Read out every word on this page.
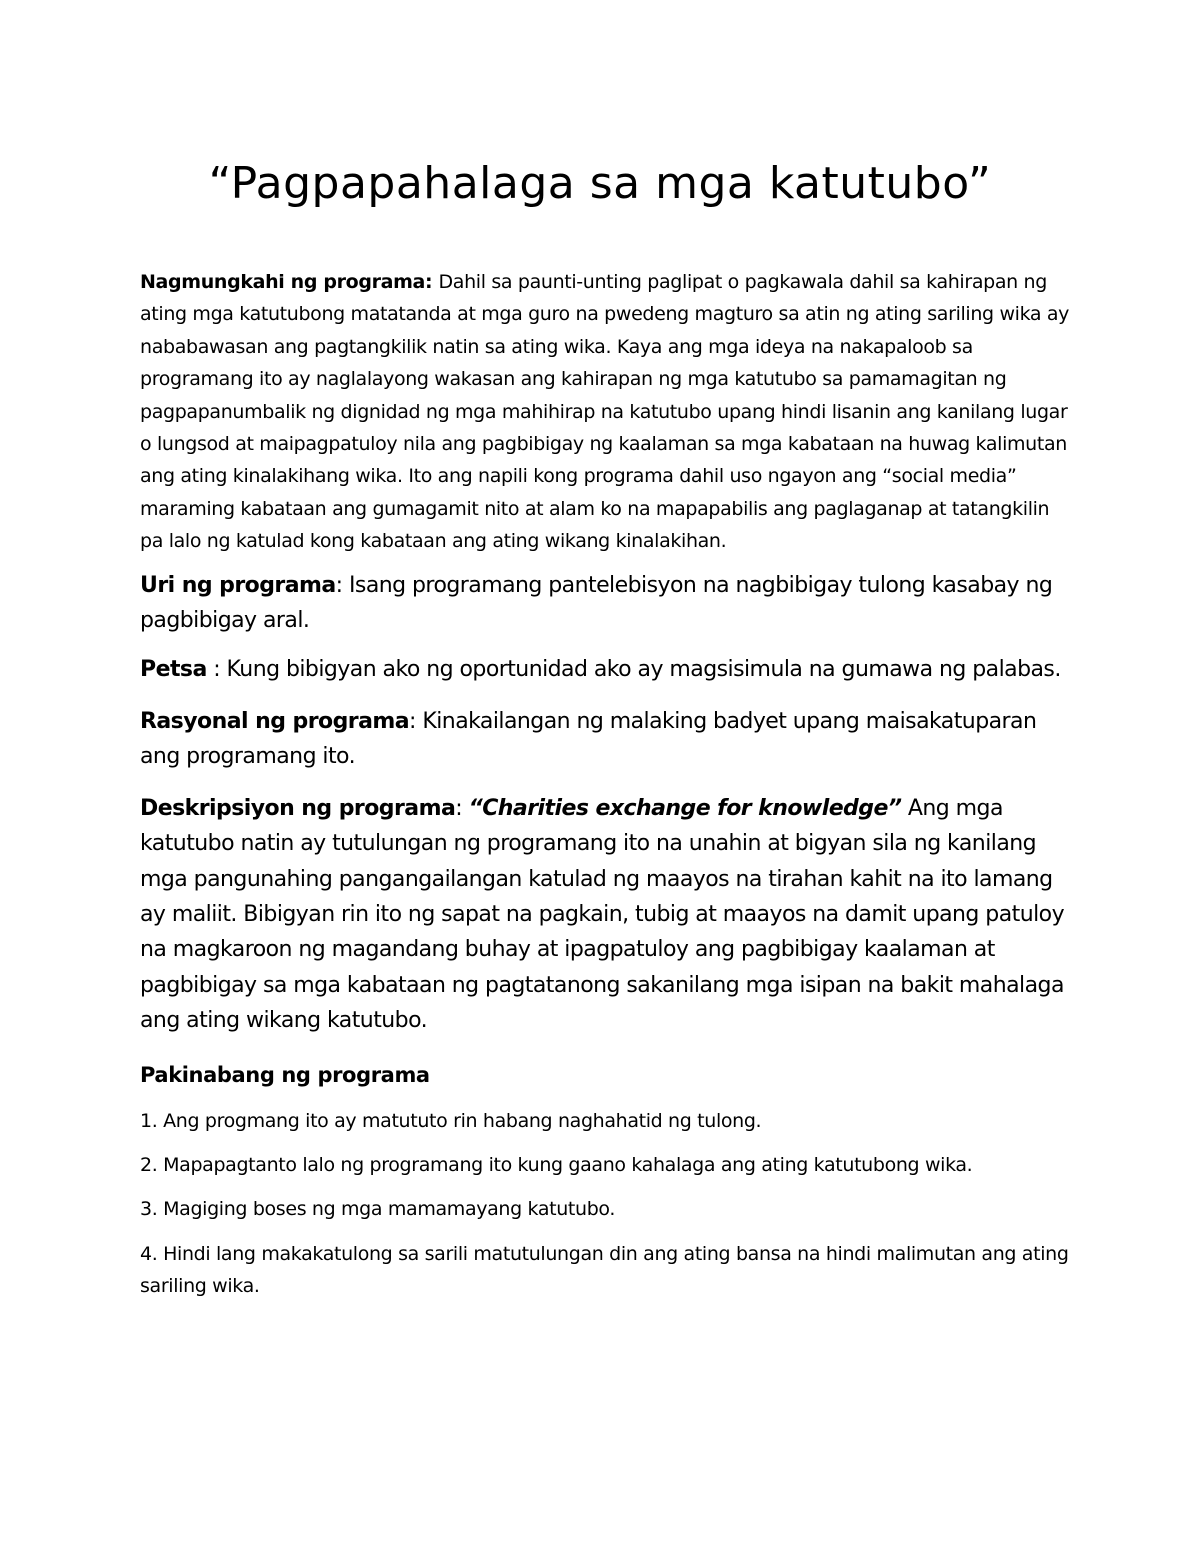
“Pagpapahalaga sa mga katutubo”

Nagmungkahi ng programa: Dahil sa paunti-unting paglipat o pagkawala dahil sa kahirapan ng ating mga katutubong matatanda at mga guro na pwedeng magturo sa atin ng ating sariling wika ay nababawasan ang pagtangkilik natin sa ating wika. Kaya ang mga ideya na nakapaloob sa programang ito ay naglalayong wakasan ang kahirapan ng mga katutubo sa pamamagitan ng pagpapanumbalik ng dignidad ng mga mahihirap na katutubo upang hindi lisanin ang kanilang lugar o lungsod at maipagpatuloy nila ang pagbibigay ng kaalaman sa mga kabataan na huwag kalimutan ang ating kinalakihang wika. Ito ang napili kong programa dahil uso ngayon ang “social media” maraming kabataan ang gumagamit nito at alam ko na mapapabilis ang paglaganap at tatangkilin pa lalo ng katulad kong kabataan ang ating wikang kinalakihan.

Uri ng programa: Isang programang pantelebisyon na nagbibigay tulong kasabay ng pagbibigay aral.

Petsa : Kung bibigyan ako ng oportunidad ako ay magsisimula na gumawa ng palabas.

Rasyonal ng programa: Kinakailangan ng malaking badyet upang maisakatuparan ang programang ito.

Deskripsiyon ng programa: “Charities exchange for knowledge” Ang mga katutubo natin ay tutulungan ng programang ito na unahin at bigyan sila ng kanilang mga pangunahing pangangailangan katulad ng maayos na tirahan kahit na ito lamang ay maliit. Bibigyan rin ito ng sapat na pagkain, tubig at maayos na damit upang patuloy na magkaroon ng magandang buhay at ipagpatuloy ang pagbibigay kaalaman at pagbibigay sa mga kabataan ng pagtatanong sakanilang mga isipan na bakit mahalaga ang ating wikang katutubo.

Pakinabang ng programa

1. Ang progmang ito ay matututo rin habang naghahatid ng tulong.

2. Mapapagtanto lalo ng programang ito kung gaano kahalaga ang ating katutubong wika.

3. Magiging boses ng mga mamamayang katutubo.

4. Hindi lang makakatulong sa sarili matutulungan din ang ating bansa na hindi malimutan ang ating sariling wika.
